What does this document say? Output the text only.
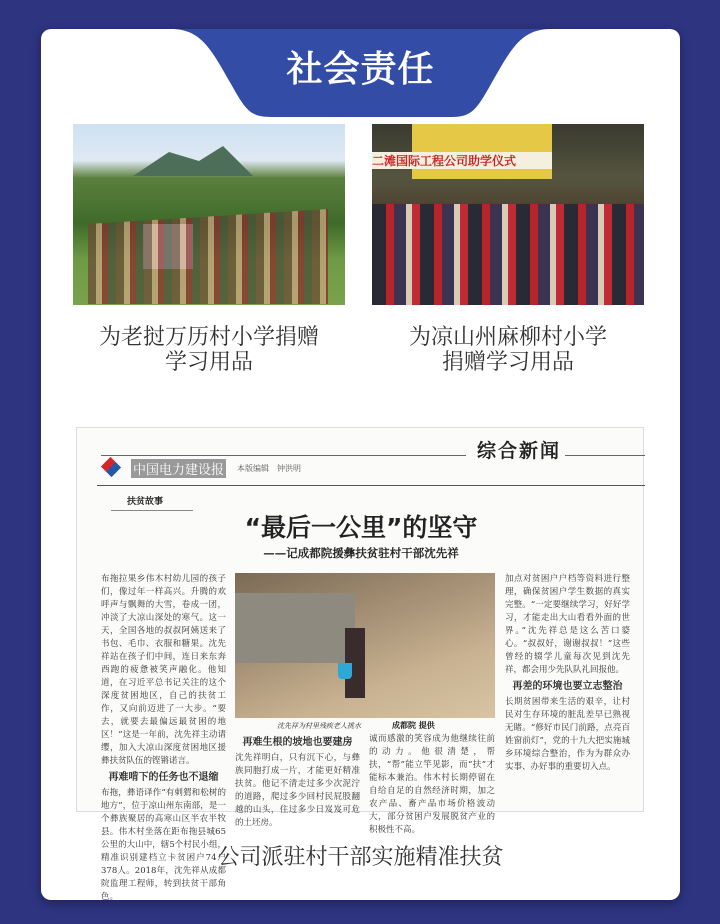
社会责任
二滩国际工程公司助学仪式
为老挝万历村小学捐赠
学习用品
为凉山州麻柳村小学
捐赠学习用品
综合新闻
中国电力建设报 本版编辑　钟洪明
扶贫故事
“最后一公里”的坚守
——记成都院援彝扶贫驻村干部沈先祥
布拖拉果乡伟木村幼儿园的孩子们，像过年一样高兴。升腾的欢呼声与飘舞的大雪，卷成一团，冲淡了大凉山深处的寒气。这一天，全国各地的叔叔阿姨送来了书包、毛巾、衣服和糖果。沈先祥站在孩子们中间，连日来东奔西跑的疲惫被笑声融化。他知道，在习近平总书记关注的这个深度贫困地区，自己的扶贫工作，又向前迈进了一大步。“要去，就要去最偏远最贫困的地区！”这是一年前，沈先祥主动请缨，加入大凉山深度贫困地区援彝扶贫队伍的铿锵诺言。
再难啃下的任务也不退缩
布拖，彝语译作“有刺猬和松树的地方”，位于凉山州东南部，是一个彝族聚居的高寒山区半农半牧县。伟木村坐落在距布拖县城65公里的大山中，辖5个村民小组，精准识别建档立卡贫困户74户378人。2018年，沈先祥从成都院监理工程师，转到扶贫干部角色。
沈先祥为村里残疾老人挑水	成都院 提供
再难生根的坡地也要建房
沈先祥明白，只有沉下心，与彝族同胞打成一片，才能更好精准扶贫。他记不清走过多少次泥泞的道路，爬过多少回村民屁股翻越的山头，住过多少日岌岌可危的土坯房。
诚而感激的笑容成为他继续往前的动力。他很清楚，帮扶，“帮”能立竿见影，而“扶”才能标本兼治。伟木村长期停留在自给自足的自然经济时期，加之农产品、畜产品市场价格波动大，部分贫困户发展脱贫产业的积极性不高。
加点对贫困户户档等资料进行整理，确保贫困户学生数据的真实完整。“一定要继续学习，好好学习，才能走出大山看看外面的世界。”沈先祥总是这么苦口婆心。“叔叔好，谢谢叔叔！”这些曾经的辍学儿童每次见到沈先祥，都会用少先队队礼回报他。
再差的环境也要立志整治
长期贫困带来生活的艰辛，让村民对生存环境的脏乱差早已熟视无睹。“修好市民门前路，点亮百姓窗前灯”，党的十九大把实施城乡环境综合整治，作为为群众办实事、办好事的重要切入点。
公司派驻村干部实施精准扶贫
